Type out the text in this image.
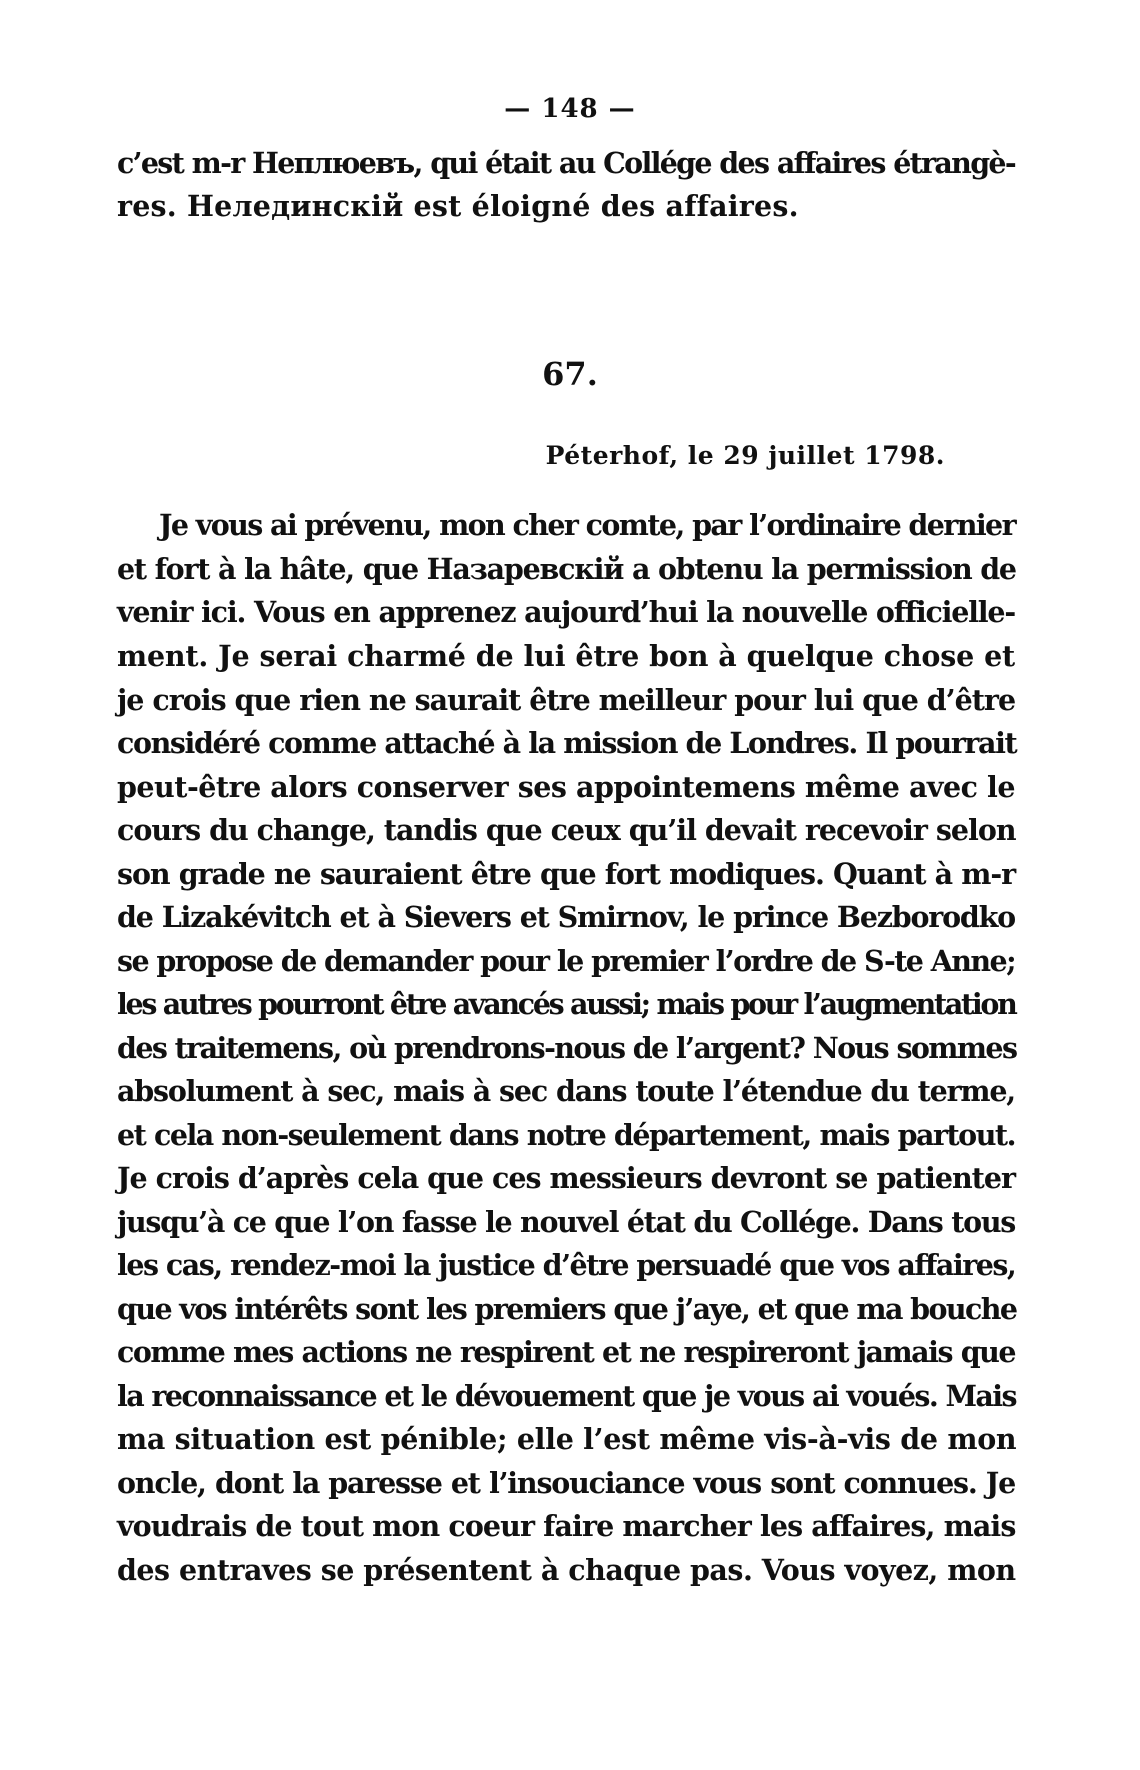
— 148 —

c’est m-r Неплюевъ, qui était au Collége des affaires étrangè-

res. Нелединскій est éloigné des affaires.

67.
Péterhof, le 29 juillet 1798.

Je vous ai prévenu, mon cher comte, par l’ordinaire dernier

et fort à la hâte, que Назаревскій a obtenu la permission de

venir ici. Vous en apprenez aujourd’hui la nouvelle officielle-

ment. Je serai charmé de lui être bon à quelque chose et

je crois que rien ne saurait être meilleur pour lui que d’être

considéré comme attaché à la mission de Londres. Il pourrait

peut-être alors conserver ses appointemens même avec le

cours du change, tandis que ceux qu’il devait recevoir selon

son grade ne sauraient être que fort modiques. Quant à m-r

de Lizakévitch et à Sievers et Smirnov, le prince Bezborodko

se propose de demander pour le premier l’ordre de S-te Anne;

les autres pourront être avancés aussi; mais pour l’augmentation

des traitemens, où prendrons-nous de l’argent? Nous sommes

absolument à sec, mais à sec dans toute l’étendue du terme,

et cela non-seulement dans notre département, mais partout.

Je crois d’après cela que ces messieurs devront se patienter

jusqu’à ce que l’on fasse le nouvel état du Collége. Dans tous

les cas, rendez-moi la justice d’être persuadé que vos affaires,

que vos intérêts sont les premiers que j’aye, et que ma bouche

comme mes actions ne respirent et ne respireront jamais que

la reconnaissance et le dévouement que je vous ai voués. Mais

ma situation est pénible; elle l’est même vis-à-vis de mon

oncle, dont la paresse et l’insouciance vous sont connues. Je

voudrais de tout mon coeur faire marcher les affaires, mais

des entraves se présentent à chaque pas. Vous voyez, mon
